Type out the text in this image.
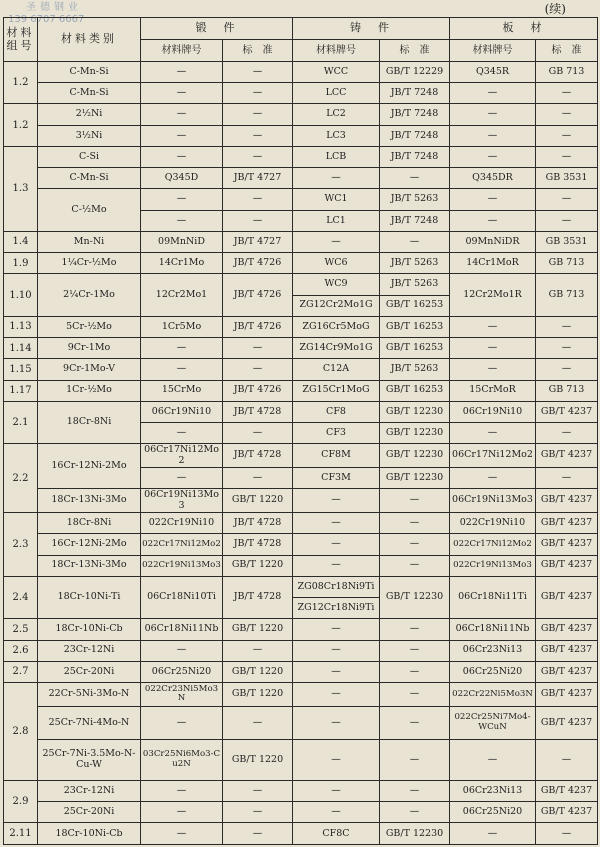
圣德钢业
139 6707 6667
(续)
材料组号	材料类别	锻　件		铸　件		板　材	
		材料牌号	标　准	材料牌号	标　准	材料牌号	标　准
1.2	C-Mn-Si	—	—	WCC	GB/T 12229	Q345R	GB 713
	C-Mn-Si	—	—	LCC	JB/T 7248	—	—
1.2	2½Ni	—	—	LC2	JB/T 7248	—	—
	3½Ni	—	—	LC3	JB/T 7248	—	—
1.3	C-Si	—	—	LCB	JB/T 7248	—	—
	C-Mn-Si	Q345D	JB/T 4727	—	—	Q345DR	GB 3531
	C-½Mo	—	—	WC1	JB/T 5263	—	—
		—	—	LC1	JB/T 7248	—	—
1.4	Mn-Ni	09MnNiD	JB/T 4727	—	—	09MnNiDR	GB 3531
1.9	1¼Cr-½Mo	14Cr1Mo	JB/T 4726	WC6	JB/T 5263	14Cr1MoR	GB 713
1.10	2¼Cr-1Mo	12Cr2Mo1	JB/T 4726	WC9	JB/T 5263	12Cr2Mo1R	GB 713
				ZG12Cr2Mo1G	GB/T 16253		
1.13	5Cr-½Mo	1Cr5Mo	JB/T 4726	ZG16Cr5MoG	GB/T 16253	—	—
1.14	9Cr-1Mo	—	—	ZG14Cr9Mo1G	GB/T 16253	—	—
1.15	9Cr-1Mo-V	—	—	C12A	JB/T 5263	—	—
1.17	1Cr-½Mo	15CrMo	JB/T 4726	ZG15Cr1MoG	GB/T 16253	15CrMoR	GB 713
2.1	18Cr-8Ni	06Cr19Ni10	JB/T 4728	CF8	GB/T 12230	06Cr19Ni10	GB/T 4237
		—	—	CF3	GB/T 12230	—	—
2.2	16Cr-12Ni-2Mo	06Cr17Ni12Mo2	JB/T 4728	CF8M	GB/T 12230	06Cr17Ni12Mo2	GB/T 4237
		—	—	CF3M	GB/T 12230	—	—
	18Cr-13Ni-3Mo	06Cr19Ni13Mo3	GB/T 1220	—	—	06Cr19Ni13Mo3	GB/T 4237
2.3	18Cr-8Ni	022Cr19Ni10	JB/T 4728	—	—	022Cr19Ni10	GB/T 4237
	16Cr-12Ni-2Mo	022Cr17Ni12Mo2	JB/T 4728	—	—	022Cr17Ni12Mo2	GB/T 4237
	18Cr-13Ni-3Mo	022Cr19Ni13Mo3	GB/T 1220	—	—	022Cr19Ni13Mo3	GB/T 4237
2.4	18Cr-10Ni-Ti	06Cr18Ni10Ti	JB/T 4728	ZG08Cr18Ni9Ti	GB/T 12230	06Cr18Ni11Ti	GB/T 4237
				ZG12Cr18Ni9Ti			
2.5	18Cr-10Ni-Cb	06Cr18Ni11Nb	GB/T 1220	—	—	06Cr18Ni11Nb	GB/T 4237
2.6	23Cr-12Ni	—	—	—	—	06Cr23Ni13	GB/T 4237
2.7	25Cr-20Ni	06Cr25Ni20	GB/T 1220	—	—	06Cr25Ni20	GB/T 4237
2.8	22Cr-5Ni-3Mo-N	022Cr23Ni5Mo3N	GB/T 1220	—	—	022Cr22Ni5Mo3N	GB/T 4237
	25Cr-7Ni-4Mo-N	—	—	—	—	022Cr25Ni7Mo4-WCuN	GB/T 4237
	25Cr-7Ni-3.5Mo-N-Cu-W	03Cr25Ni6Mo3-Cu2N	GB/T 1220	—	—	—	—
2.9	23Cr-12Ni	—	—	—	—	06Cr23Ni13	GB/T 4237
	25Cr-20Ni	—	—	—	—	06Cr25Ni20	GB/T 4237
2.11	18Cr-10Ni-Cb	—	—	CF8C	GB/T 12230	—	—
